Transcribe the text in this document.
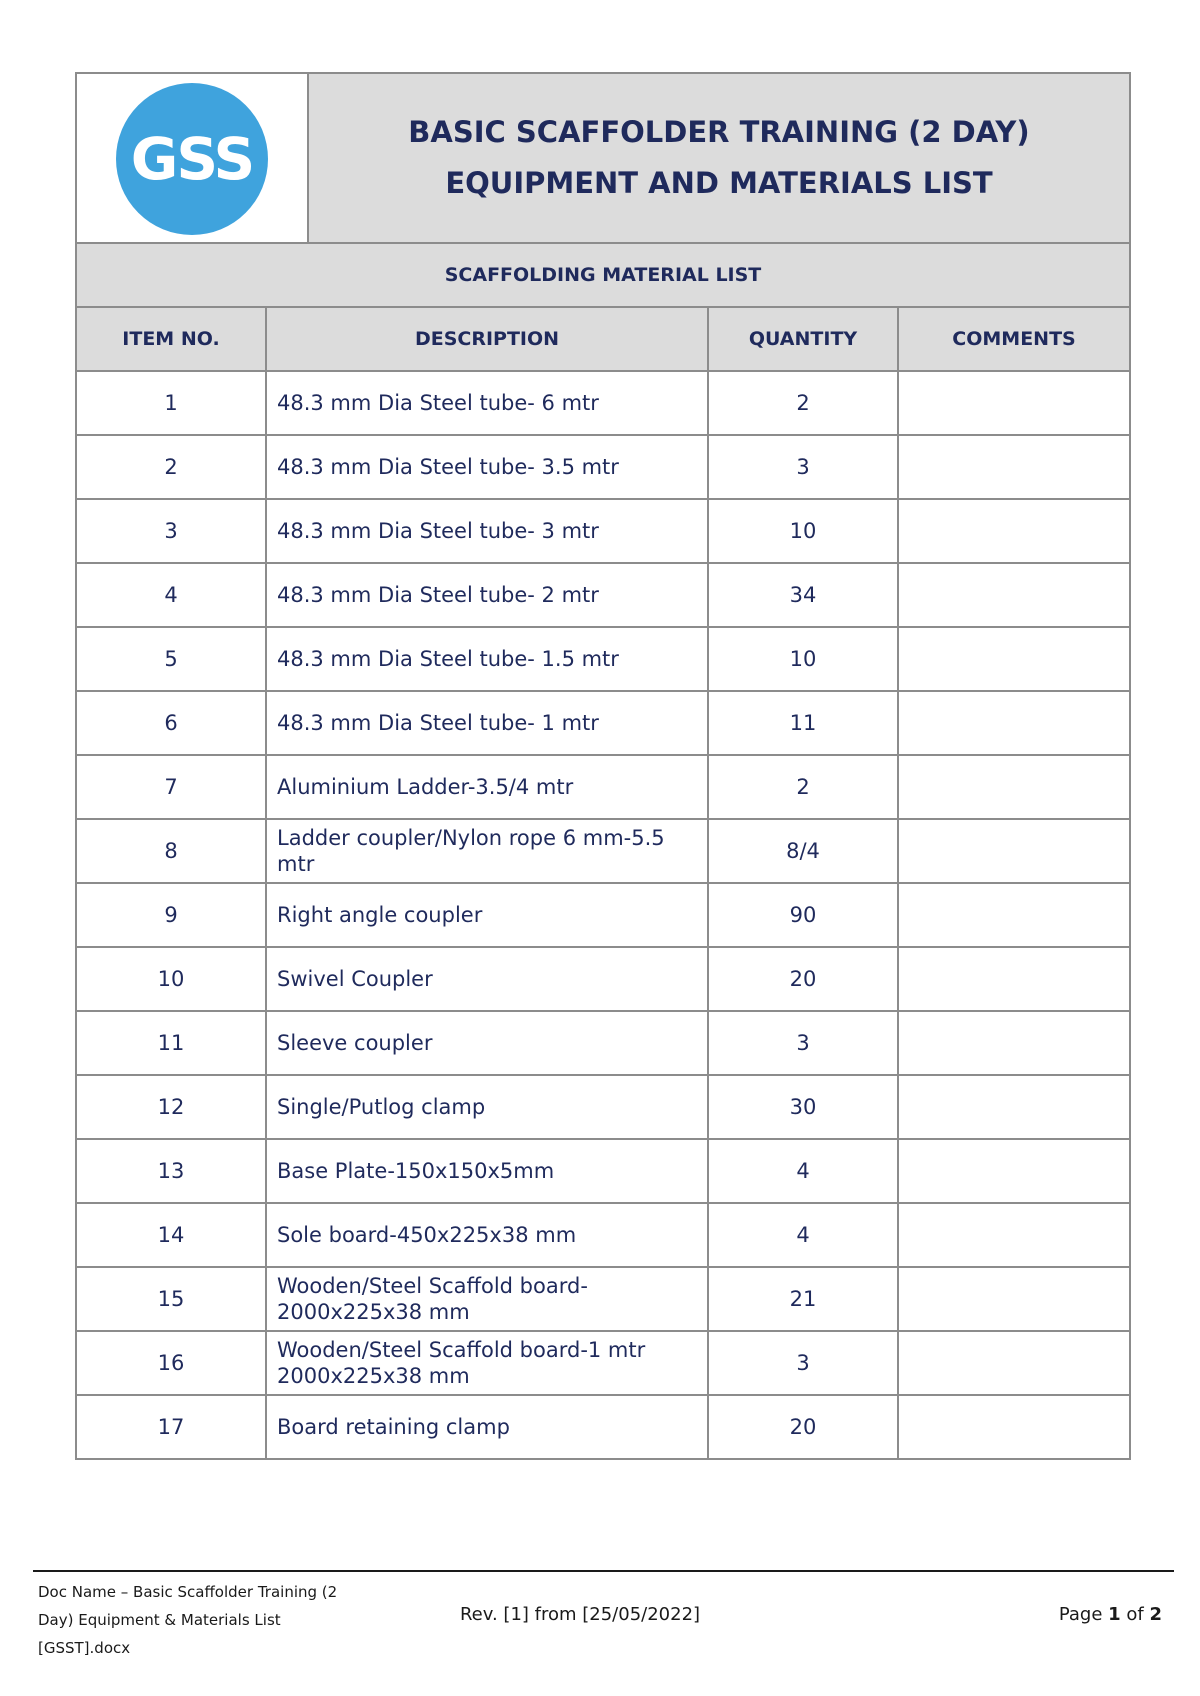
GSS		BASIC SCAFFOLDER TRAINING (2 DAY)
EQUIPMENT AND MATERIALS LIST		

SCAFFOLDING MATERIAL LIST				
ITEM NO.	DESCRIPTION		QUANTITY	COMMENTS
1	48.3 mm Dia Steel tube- 6 mtr		2	
2	48.3 mm Dia Steel tube- 3.5 mtr		3	
3	48.3 mm Dia Steel tube- 3 mtr		10	
4	48.3 mm Dia Steel tube- 2 mtr		34	
5	48.3 mm Dia Steel tube- 1.5 mtr		10	
6	48.3 mm Dia Steel tube- 1 mtr		11	
7	Aluminium Ladder-3.5/4 mtr		2	
8	Ladder coupler/Nylon rope 6 mm-5.5 mtr		8/4	
9	Right angle coupler		90	
10	Swivel Coupler		20	
11	Sleeve coupler		3	
12	Single/Putlog clamp		30	
13	Base Plate-150x150x5mm		4	
14	Sole board-450x225x38 mm		4	
15	Wooden/Steel Scaffold board-2000x225x38 mm		21	
16	Wooden/Steel Scaffold board-1 mtr 2000x225x38 mm		3	
17	Board retaining clamp		20	
Doc Name – Basic Scaffolder Training (2 Day) Equipment & Materials List [GSST].docx
Rev. [1] from [25/05/2022]	Page 1 of 2
